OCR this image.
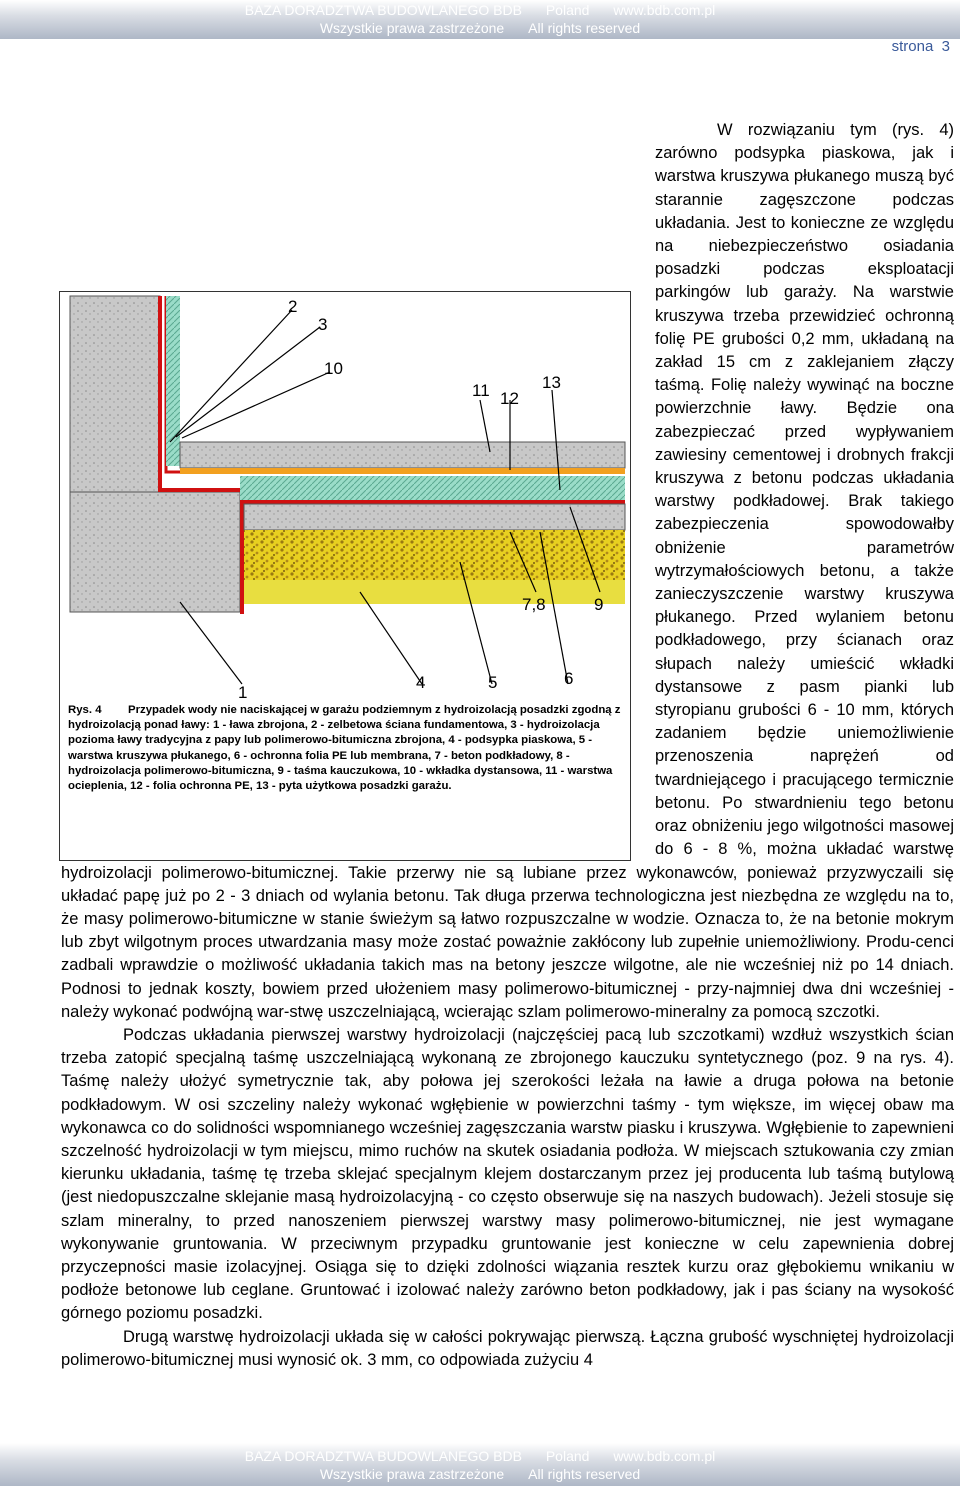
BAZA DORADZTWA BUDOWLANEGO BDB Poland www.bdb.com.pl
Wszystkie prawa zastrzeżone All rights reserved
strona  3

W rozwiązaniu tym (rys. 4) zarówno podsypka piaskowa, jak i warstwa kruszywa płukanego muszą być starannie zagęszczone podczas układania. Jest to konieczne ze względu na niebezpieczeństwo osiadania posadzki podczas eksploatacji parkingów lub garaży. Na warstwie kruszywa trzeba przewidzieć ochronną folię PE grubości 0,2 mm, układaną na zakład 15 cm z zaklejaniem złączy taśmą. Folię należy wywinąć na boczne powierzchnie ławy. Będzie ona zabezpieczać przed wypływaniem zawiesiny cementowej i drobnych frakcji kruszywa z betonu podczas układania warstwy podkładowej. Brak takiego zabezpieczenia spowodowałby obniżenie parametrów wytrzymałościowych betonu, a także zanieczyszczenie warstwy kruszywa płukanego. Przed wylaniem betonu podkładowego, przy ścianach oraz słupach należy umieścić wkładki dystansowe z pasm pianki lub styropianu grubości 6 - 10 mm, których zadaniem będzie uniemożliwienie przenoszenia naprężeń od twardniejącego i pracującego termicznie betonu. Po stwardnieniu tego betonu oraz obniżeniu jego wilgotności masowej do 6 - 8 %, można układać warstwę hydroizolacji polimerowo-bitumicznej. Takie przerwy nie są lubiane przez wykonawców, ponieważ przyzwyczaili się układać papę już po 2 - 3 dniach od wylania betonu. Tak długa przerwa technologiczna jest niezbędna ze względu na to, że masy polimerowo-bitumiczne w stanie świeżym są łatwo rozpuszczalne w wodzie. Oznacza to, że na betonie mokrym lub zbyt wilgotnym proces utwardzania masy może zostać poważnie zakłócony lub zupełnie uniemożliwiony. Produ-cenci zadbali wprawdzie o możliwość układania takich mas na betony jeszcze wilgotne, ale nie wcześniej niż po 14 dniach. Podnosi to jednak koszty, bowiem przed ułożeniem masy polimerowo-bitumicznej - przy-najmniej dwa dni wcześniej - należy wykonać podwójną war-stwę uszczelniającą, wcierając szlam polimerowo-mineralny za pomocą szczotki.

Podczas układania pierwszej warstwy hydroizolacji (najczęściej pacą lub szczotkami) wzdłuż wszystkich ścian trzeba zatopić specjalną taśmę uszczelniającą wykonaną ze zbrojonego kauczuku syntetycznego (poz. 9 na rys. 4). Taśmę należy ułożyć symetrycznie tak, aby połowa jej szerokości leżała na ławie a druga połowa na betonie podkładowym. W osi szczeliny należy wykonać wgłębienie w powierzchni taśmy - tym większe, im więcej obaw ma wykonawca co do solidności wspomnianego wcześniej zagęszczania warstw piasku i kruszywa. Wgłębienie to zapewnieni szczelność hydroizolacji w tym miejscu, mimo ruchów na skutek osiadania podłoża. W miejscach sztukowania czy zmian kierunku układania, taśmę tę trzeba sklejać specjalnym klejem dostarczanym przez jej producenta lub taśmą butylową (jest niedopuszczalne sklejanie masą hydroizolacyjną - co często obserwuje się na naszych budowach). Jeżeli stosuje się szlam mineralny, to przed nanoszeniem pierwszej warstwy masy polimerowo-bitumicznej, nie jest wymagane wykonywanie gruntowania. W przeciwnym przypadku gruntowanie jest konieczne w celu zapewnienia dobrej przyczepności masie izolacyjnej. Osiąga się to dzięki zdolności wiązania resztek kurzu oraz głębokiemu wnikaniu w podłoże betonowe lub ceglane. Gruntować i izolować należy zarówno beton podkładowy, jak i pas ściany na wysokość górnego poziomu posadzki.

Drugą warstwę hydroizolacji układa się w całości pokrywając pierwszą. Łączna grubość wyschniętej hydroizolacji polimerowo-bitumicznej musi wynosić ok. 3 mm, co odpowiada zużyciu 4

2
3
10
11 12
13
7,8	9
1
4	5	6
Rys. 4 Przypadek wody nie naciskającej w garażu podziemnym z hydroizolacją posadzki zgodną z hydroizolacją ponad ławy: 1 - ława zbrojona, 2 - zelbetowa ściana fundamentowa, 3 - hydroizolacja pozioma ławy tradycyjna z papy lub polimerowo-bitumiczna zbrojona, 4 - podsypka piaskowa, 5 - warstwa kruszywa płukanego, 6 - ochronna folia PE lub membrana, 7 - beton podkładowy, 8 - hydroizolacja polimerowo-bitumiczna, 9 - taśma kauczukowa, 10 - wkładka dystansowa, 11 - warstwa ocieplenia, 12 - folia ochronna PE, 13 - pyta użytkowa posadzki garażu.
BAZA DORADZTWA BUDOWLANEGO BDB Poland www.bdb.com.pl
Wszystkie prawa zastrzeżone All rights reserved
